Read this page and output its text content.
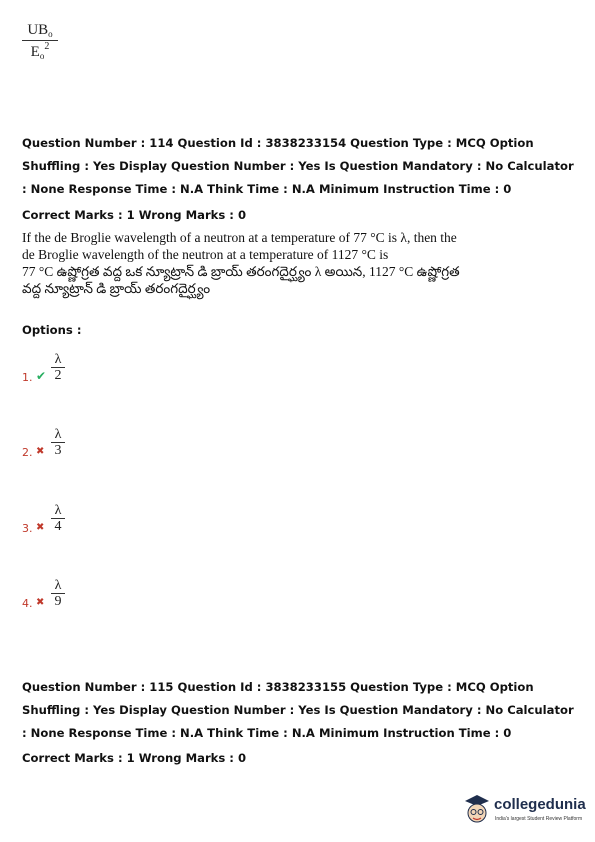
$UB_o$
$E_o^2$
Question Number : 114 Question Id : 3838233154 Question Type : MCQ Option Shuffling : Yes Display Question Number : Yes Is Question Mandatory : No Calculator : None Response Time : N.A Think Time : N.A Minimum Instruction Time : 0
Correct Marks : 1 Wrong Marks : 0
If the de Broglie wavelength of a neutron at a temperature of 77 °C is λ, then the
de Broglie wavelength of the neutron at a temperature of 1127 °C is
77 °C ఉష్ణోగ్రత వద్ద ఒక న్యూట్రాన్ డి బ్రాయ్ తరంగదైర్ఘ్యం λ అయిన, 1127 °C ఉష్ణోగ్రత
వద్ద న్యూట్రాన్ డి బ్రాయ్ తరంగదైర్ఘ్యం
Options :
1. ✔
λ
2
2. ✖
λ
3
3. ✖
λ
4
4. ✖
λ
9
Question Number : 115 Question Id : 3838233155 Question Type : MCQ Option Shuffling : Yes Display Question Number : Yes Is Question Mandatory : No Calculator : None Response Time : N.A Think Time : N.A Minimum Instruction Time : 0
Correct Marks : 1 Wrong Marks : 0
collegedunia
India's largest Student Review Platform
